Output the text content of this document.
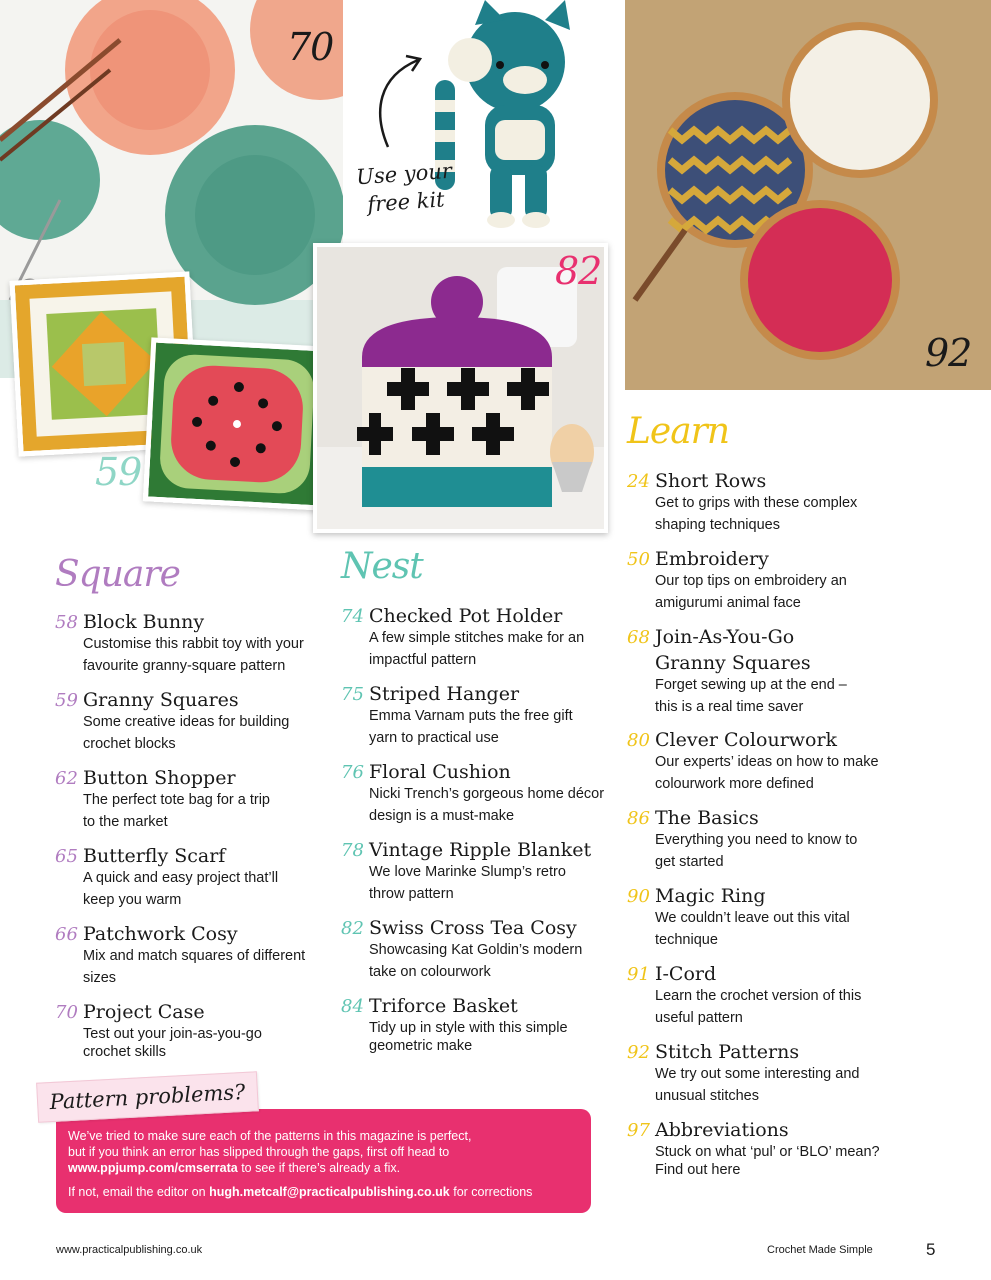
70
59
Use your
free kit
82
92
Square	Nest
Learn
58 Block Bunny
Customise this rabbit toy with your
favourite granny-square pattern
59 Granny Squares
Some creative ideas for building
crochet blocks
62 Button Shopper
The perfect tote bag for a trip
to the market
65 Butterfly Scarf
A quick and easy project that’ll
keep you warm
66 Patchwork Cosy
Mix and match squares of different
sizes
70 Project Case
Test out your join-as-you-go
crochet skills
74 Checked Pot Holder
A few simple stitches make for an
impactful pattern
75 Striped Hanger
Emma Varnam puts the free gift
yarn to practical use
76 Floral Cushion
Nicki Trench’s gorgeous home décor
design is a must-make
78 Vintage Ripple Blanket
We love Marinke Slump’s retro
throw pattern
82 Swiss Cross Tea Cosy
Showcasing Kat Goldin’s modern
take on colourwork
84 Triforce Basket
Tidy up in style with this simple
geometric make
24 Short Rows
Get to grips with these complex
shaping techniques
50 Embroidery
Our top tips on embroidery an
amigurumi animal face
68 Join-As-You-Go
Granny Squares
Forget sewing up at the end –
this is a real time saver
80 Clever Colourwork
Our experts’ ideas on how to make
colourwork more defined
86 The Basics
Everything you need to know to
get started
90 Magic Ring
We couldn’t leave out this vital
technique
91 I-Cord
Learn the crochet version of this
useful pattern
92 Stitch Patterns
We try out some interesting and
unusual stitches
97 Abbreviations
Stuck on what ‘pul’ or ‘BLO’ mean?
Find out here
Pattern problems?
We’ve tried to make sure each of the patterns in this magazine is perfect,
but if you think an error has slipped through the gaps, first off head to
www.ppjump.com/cmserrata to see if there’s already a fix.
If not, email the editor on hugh.metcalf@practicalpublishing.co.uk for corrections
www.practicalpublishing.co.uk	Crochet Made Simple	5
